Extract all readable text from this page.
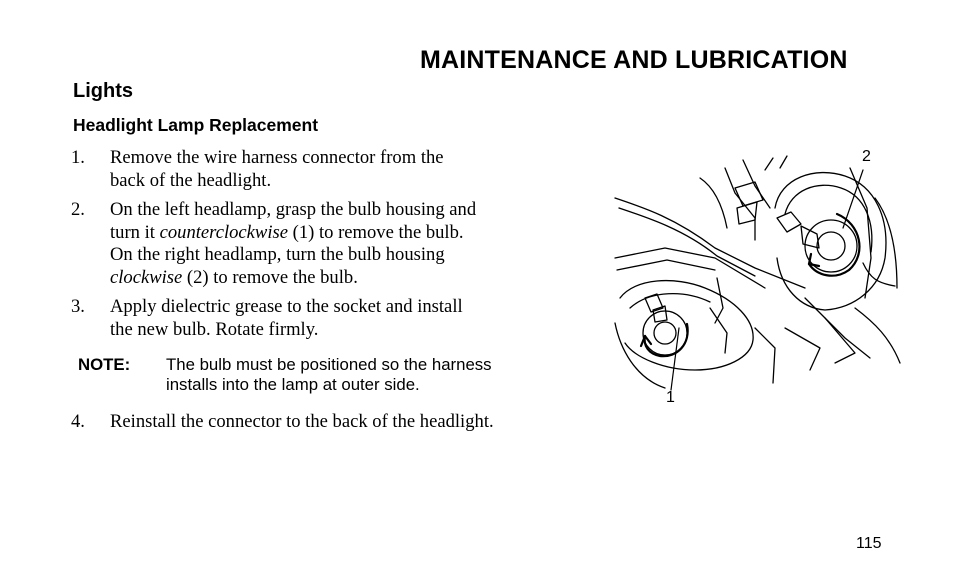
MAINTENANCE AND LUBRICATION
Lights
Headlight Lamp Replacement
1. Remove the wire harness connector from the
back of the headlight.
2. On the left headlamp, grasp the bulb housing and
turn it counterclockwise (1) to remove the bulb.
On the right headlamp, turn the bulb housing
clockwise (2) to remove the bulb.
3. Apply dielectric grease to the socket and install
the new bulb. Rotate firmly.
NOTE: The bulb must be positioned so the harness
installs into the lamp at outer side.
4. Reinstall the connector to the back of the headlight.
2
1
115
